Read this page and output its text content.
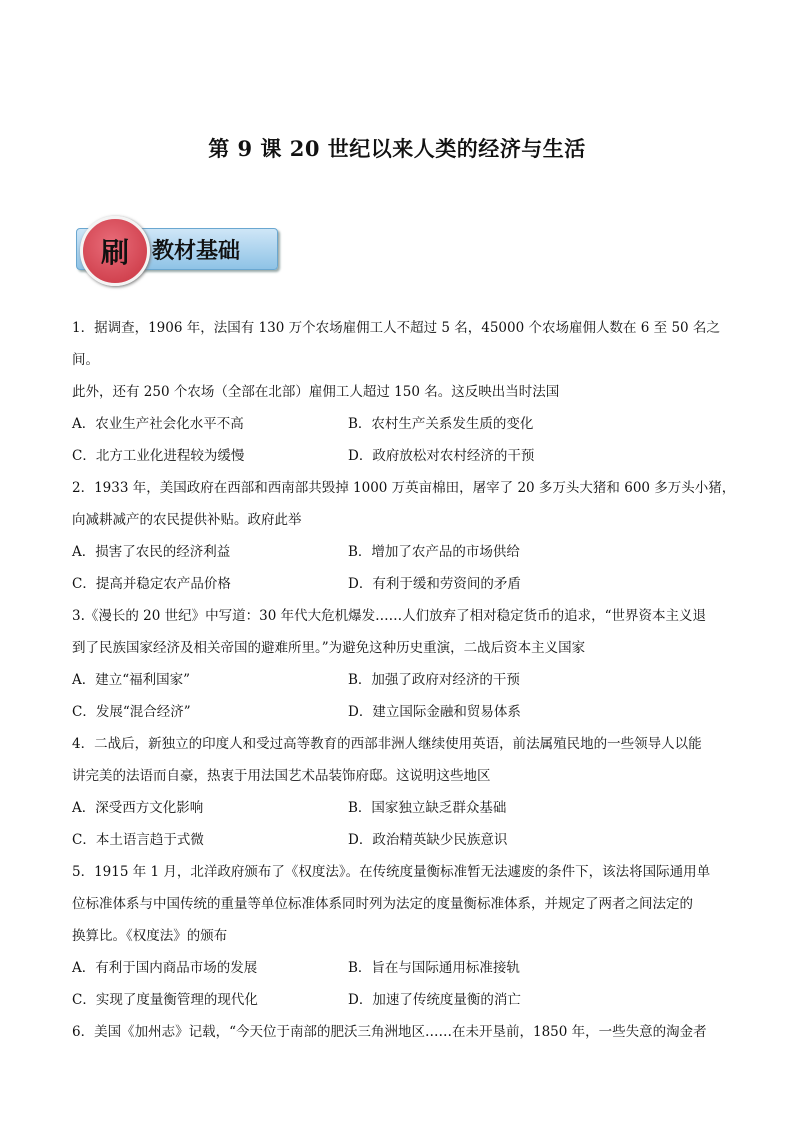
第 9 课 20 世纪以来人类的经济与生活
刷	教材基础

1．据调查，1906 年，法国有 130 万个农场雇佣工人不超过 5 名，45000 个农场雇佣人数在 6 至 50 名之间。

此外，还有 250 个农场（全部在北部）雇佣工人超过 150 名。这反映出当时法国

A．农业生产社会化水平不高	B．农村生产关系发生质的变化
C．北方工业化进程较为缓慢	D．政府放松对农村经济的干预

2．1933 年，美国政府在西部和西南部共毁掉 1000 万英亩棉田，屠宰了 20 多万头大猪和 600 多万头小猪，

向减耕减产的农民提供补贴。政府此举

A．损害了农民的经济利益	B．增加了农产品的市场供给
C．提高并稳定农产品价格	D．有利于缓和劳资间的矛盾

3.《漫长的 20 世纪》中写道：30 年代大危机爆发……人们放弃了相对稳定货币的追求，“世界资本主义退

到了民族国家经济及相关帝国的避难所里。”为避免这种历史重演，二战后资本主义国家

A．建立“福利国家”	B．加强了政府对经济的干预
C．发展“混合经济”	D．建立国际金融和贸易体系

4．二战后，新独立的印度人和受过高等教育的西部非洲人继续使用英语，前法属殖民地的一些领导人以能

讲完美的法语而自豪，热衷于用法国艺术品装饰府邸。这说明这些地区

A．深受西方文化影响	B．国家独立缺乏群众基础
C．本土语言趋于式微	D．政治精英缺少民族意识

5．1915 年 1 月，北洋政府颁布了《权度法》。在传统度量衡标准暂无法遽废的条件下，该法将国际通用单

位标准体系与中国传统的重量等单位标准体系同时列为法定的度量衡标准体系，并规定了两者之间法定的

换算比。《权度法》的颁布

A．有利于国内商品市场的发展	B．旨在与国际通用标准接轨
C．实现了度量衡管理的现代化	D．加速了传统度量衡的消亡

6．美国《加州志》记载，“今天位于南部的肥沃三角洲地区……在未开垦前，1850 年，一些失意的淘金者
